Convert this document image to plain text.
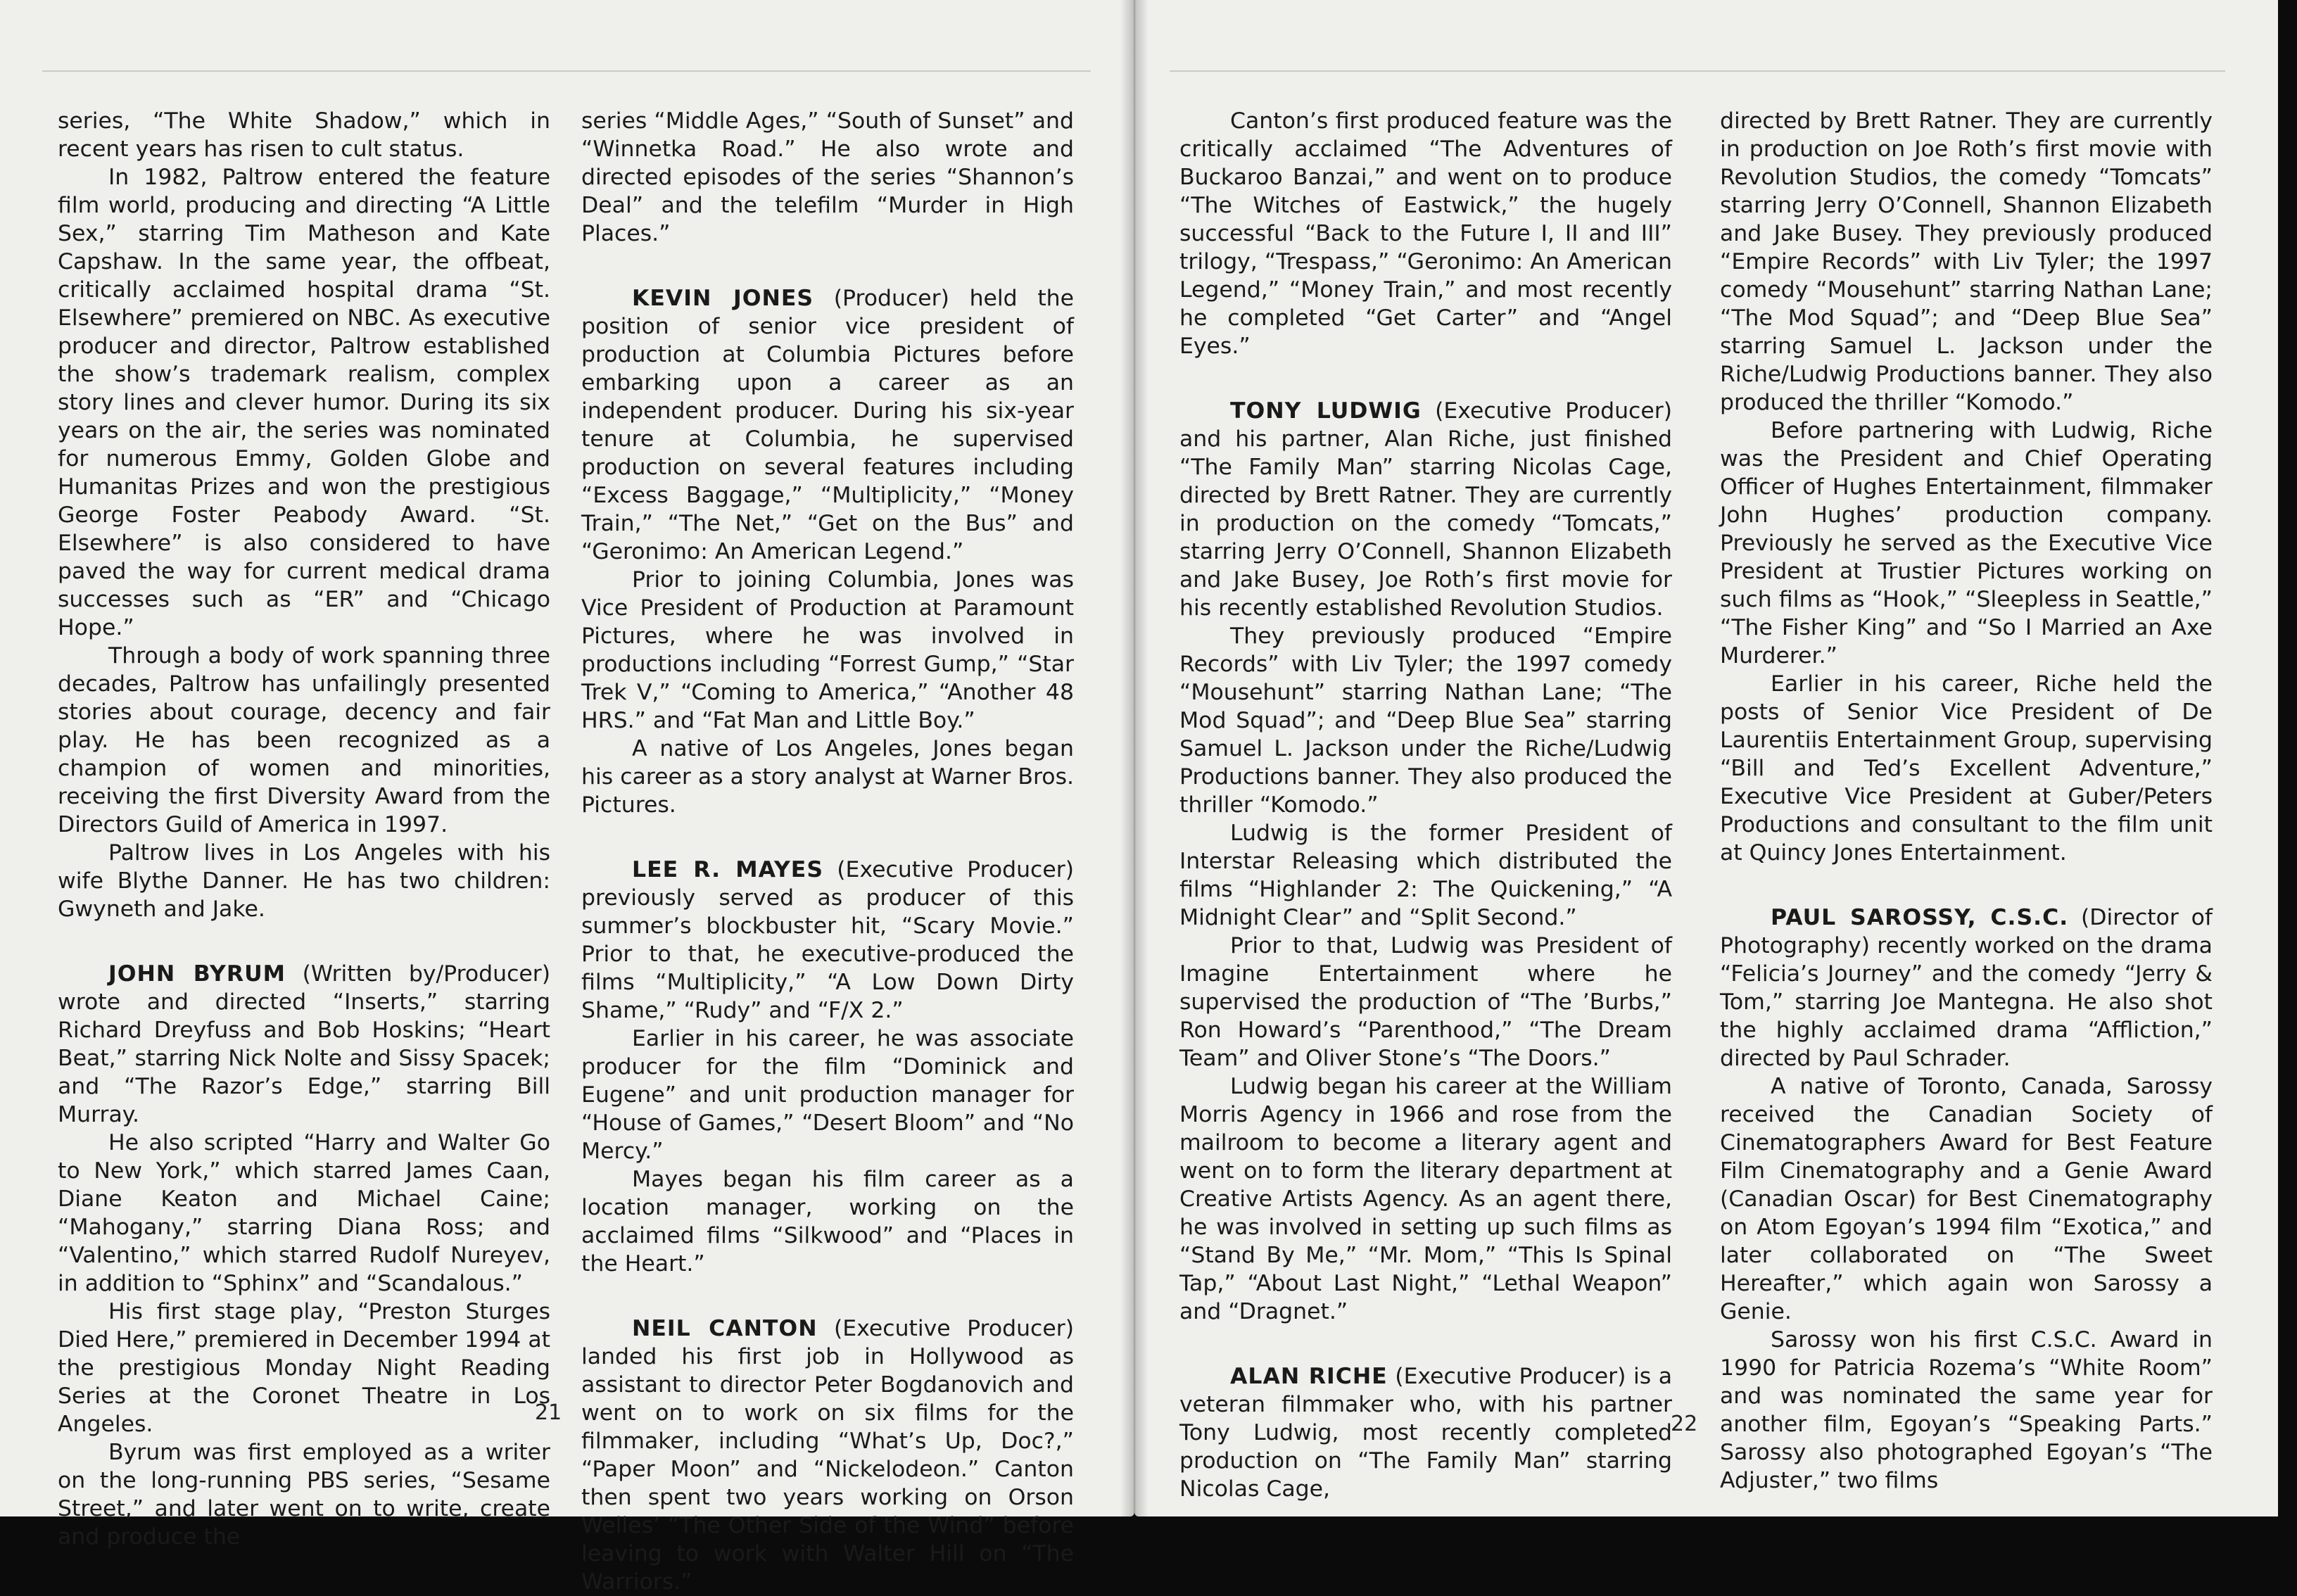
series, “The White Shadow,” which in recent years has risen to cult status.

In 1982, Paltrow entered the feature film world, producing and directing “A Little Sex,” starring Tim Matheson and Kate Capshaw. In the same year, the offbeat, critically acclaimed hospital drama “St. Elsewhere” premiered on NBC. As executive producer and director, Paltrow established the show’s trademark realism, complex story lines and clever humor. During its six years on the air, the series was nominated for numerous Emmy, Golden Globe and Humanitas Prizes and won the prestigious George Foster Peabody Award. “St. Elsewhere” is also considered to have paved the way for current medical drama successes such as “ER” and “Chicago Hope.”

Through a body of work spanning three decades, Paltrow has unfailingly presented stories about courage, decency and fair play. He has been recognized as a champion of women and minorities, receiving the first Diversity Award from the Directors Guild of America in 1997.

Paltrow lives in Los Angeles with his wife Blythe Danner. He has two children: Gwyneth and Jake.

JOHN BYRUM (Written by/Producer) wrote and directed “Inserts,” starring Richard Dreyfuss and Bob Hoskins; “Heart Beat,” starring Nick Nolte and Sissy Spacek; and “The Razor’s Edge,” starring Bill Murray.

He also scripted “Harry and Walter Go to New York,” which starred James Caan, Diane Keaton and Michael Caine; “Mahogany,” starring Diana Ross; and “Valentino,” which starred Rudolf Nureyev, in addition to “Sphinx” and “Scandalous.”

His first stage play, “Preston Sturges Died Here,” premiered in December 1994 at the prestigious Monday Night Reading Series at the Coronet Theatre in Los Angeles.

Byrum was first employed as a writer on the long-running PBS series, “Sesame Street,” and later went on to write, create and produce the

series “Middle Ages,” “South of Sunset” and “Winnetka Road.” He also wrote and directed episodes of the series “Shannon’s Deal” and the telefilm “Murder in High Places.”

KEVIN JONES (Producer) held the position of senior vice president of production at Columbia Pictures before embarking upon a career as an independent producer. During his six-year tenure at Columbia, he supervised production on several features including “Excess Baggage,” “Multiplicity,” “Money Train,” “The Net,” “Get on the Bus” and “Geronimo: An American Legend.”

Prior to joining Columbia, Jones was Vice President of Production at Paramount Pictures, where he was involved in productions including “Forrest Gump,” “Star Trek V,” “Coming to America,” “Another 48 HRS.” and “Fat Man and Little Boy.”

A native of Los Angeles, Jones began his career as a story analyst at Warner Bros. Pictures.

LEE R. MAYES (Executive Producer) previously served as producer of this summer’s blockbuster hit, “Scary Movie.” Prior to that, he executive-produced the films “Multiplicity,” “A Low Down Dirty Shame,” “Rudy” and “F/X 2.”

Earlier in his career, he was associate producer for the film “Dominick and Eugene” and unit production manager for “House of Games,” “Desert Bloom” and “No Mercy.”

Mayes began his film career as a location manager, working on the acclaimed films “Silkwood” and “Places in the Heart.”

NEIL CANTON (Executive Producer) landed his first job in Hollywood as assistant to director Peter Bogdanovich and went on to work on six films for the filmmaker, including “What’s Up, Doc?,” “Paper Moon” and “Nickelodeon.” Canton then spent two years working on Orson Welles’ “The Other Side of the Wind” before leaving to work with Walter Hill on “The Warriors.”

21

Canton’s first produced feature was the critically acclaimed “The Adventures of Buckaroo Banzai,” and went on to produce “The Witches of Eastwick,” the hugely successful “Back to the Future I, II and III” trilogy, “Trespass,” “Geronimo: An American Legend,” “Money Train,” and most recently he completed “Get Carter” and “Angel Eyes.”

TONY LUDWIG (Executive Producer) and his partner, Alan Riche, just finished “The Family Man” starring Nicolas Cage, directed by Brett Ratner. They are currently in production on the comedy “Tomcats,” starring Jerry O’Connell, Shannon Elizabeth and Jake Busey, Joe Roth’s first movie for his recently established Revolution Studios.

They previously produced “Empire Records” with Liv Tyler; the 1997 comedy “Mousehunt” starring Nathan Lane; “The Mod Squad”; and “Deep Blue Sea” starring Samuel L. Jackson under the Riche/Ludwig Productions banner. They also produced the thriller “Komodo.”

Ludwig is the former President of Interstar Releasing which distributed the films “Highlander 2: The Quickening,” “A Midnight Clear” and “Split Second.”

Prior to that, Ludwig was President of Imagine Entertainment where he supervised the production of “The ’Burbs,” Ron Howard’s “Parenthood,” “The Dream Team” and Oliver Stone’s “The Doors.”

Ludwig began his career at the William Morris Agency in 1966 and rose from the mailroom to become a literary agent and went on to form the literary department at Creative Artists Agency. As an agent there, he was involved in setting up such films as “Stand By Me,” “Mr. Mom,” “This Is Spinal Tap,” “About Last Night,” “Lethal Weapon” and “Dragnet.”

ALAN RICHE (Executive Producer) is a veteran filmmaker who, with his partner Tony Ludwig, most recently completed production on “The Family Man” starring Nicolas Cage,

directed by Brett Ratner. They are currently in production on Joe Roth’s first movie with Revolution Studios, the comedy “Tomcats” starring Jerry O’Connell, Shannon Elizabeth and Jake Busey. They previously produced “Empire Records” with Liv Tyler; the 1997 comedy “Mousehunt” starring Nathan Lane; “The Mod Squad”; and “Deep Blue Sea” starring Samuel L. Jackson under the Riche/Ludwig Productions banner. They also produced the thriller “Komodo.”

Before partnering with Ludwig, Riche was the President and Chief Operating Officer of Hughes Entertainment, filmmaker John Hughes’ production company. Previously he served as the Executive Vice President at Trustier Pictures working on such films as “Hook,” “Sleepless in Seattle,” “The Fisher King” and “So I Married an Axe Murderer.”

Earlier in his career, Riche held the posts of Senior Vice President of De Laurentiis Entertainment Group, supervising “Bill and Ted’s Excellent Adventure,” Executive Vice President at Guber/Peters Productions and consultant to the film unit at Quincy Jones Entertainment.

PAUL SAROSSY, C.S.C. (Director of Photography) recently worked on the drama “Felicia’s Journey” and the comedy “Jerry & Tom,” starring Joe Mantegna. He also shot the highly acclaimed drama “Affliction,” directed by Paul Schrader.

A native of Toronto, Canada, Sarossy received the Canadian Society of Cinematographers Award for Best Feature Film Cinematography and a Genie Award (Canadian Oscar) for Best Cinematography on Atom Egoyan’s 1994 film “Exotica,” and later collaborated on “The Sweet Hereafter,” which again won Sarossy a Genie.

Sarossy won his first C.S.C. Award in 1990 for Patricia Rozema’s “White Room” and was nominated the same year for another film, Egoyan’s “Speaking Parts.” Sarossy also photographed Egoyan’s “The Adjuster,” two films

22
